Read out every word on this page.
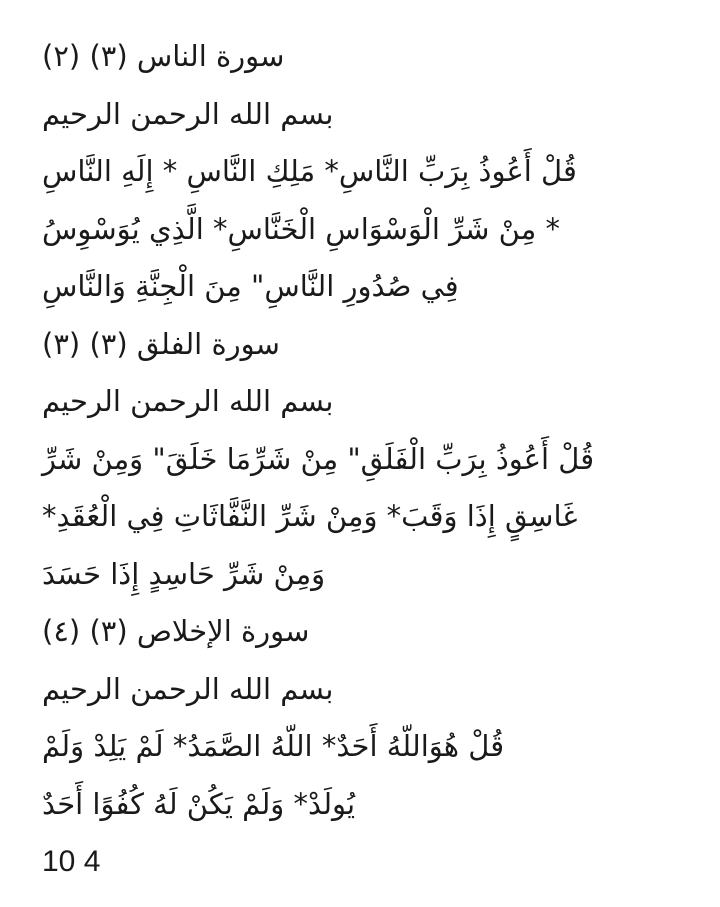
سورة الناس (٣) (٢)
بسم الله الرحمن الرحيم
قُلْ أَعُوذُ بِرَبِّ النَّاسِ* مَلِكِ النَّاسِ * إِلَهِ النَّاسِ
* مِنْ شَرِّ الْوَسْوَاسِ الْخَنَّاسِ* الَّذِي يُوَسْوِسُ
فِي صُدُورِ النَّاسِ" مِنَ الْجِنَّةِ وَالنَّاسِ
سورة الفلق (٣) (٣)
بسم الله الرحمن الرحيم
قُلْ أَعُوذُ بِرَبِّ الْفَلَقِ" مِنْ شَرِّمَا خَلَقَ" وَمِنْ شَرِّ
غَاسِقٍ إِذَا وَقَبَ* وَمِنْ شَرِّ النَّفَّاثَاتِ فِي الْعُقَدِ*
وَمِنْ شَرِّ حَاسِدٍ إِذَا حَسَدَ
سورة الإخلاص (٣) (٤)
بسم الله الرحمن الرحيم
قُلْ هُوَاللّهُ أَحَدٌ* اللّهُ الصَّمَدُ* لَمْ يَلِدْ وَلَمْ
يُولَدْ* وَلَمْ يَكُنْ لَهُ كُفُوًا أَحَدٌ
10 4
